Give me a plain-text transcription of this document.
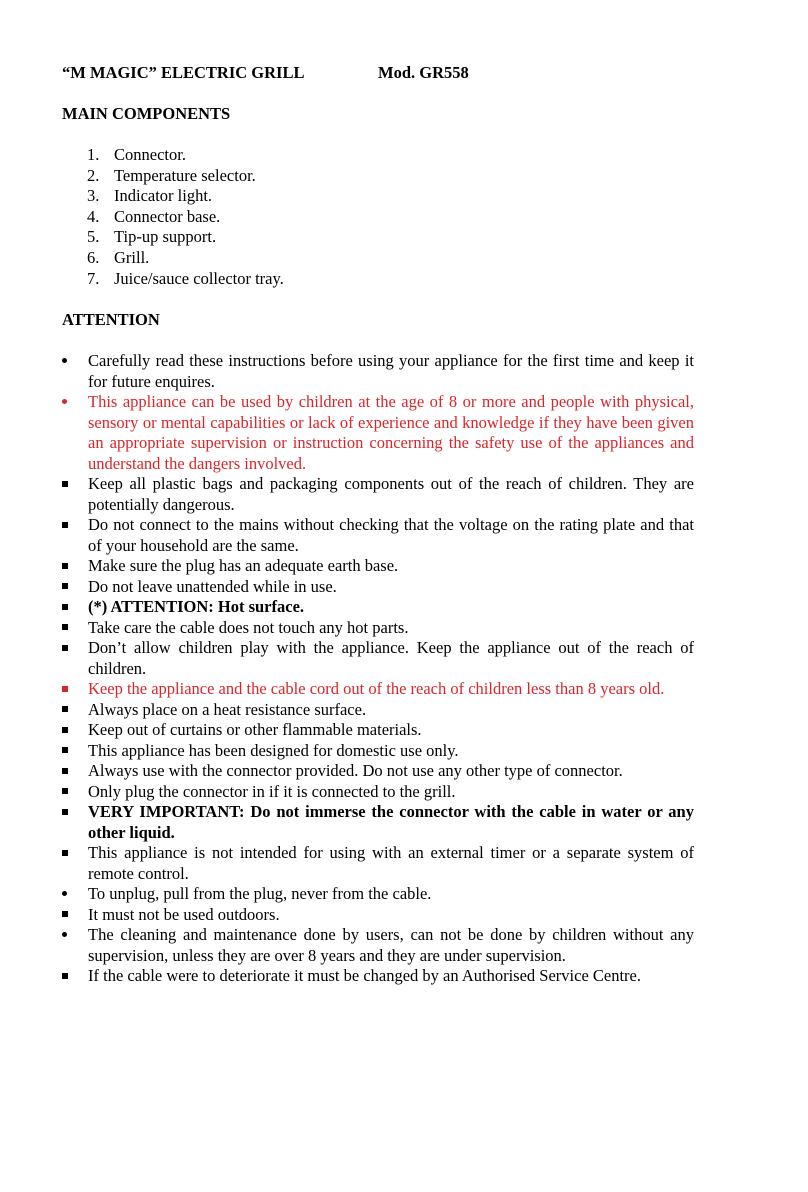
“M MAGIC” ELECTRIC GRILL	Mod. GR558
MAIN COMPONENTS
1. Connector.
2. Temperature selector.
3. Indicator light.
4. Connector base.
5. Tip-up support.
6. Grill.
7. Juice/sauce collector tray.
ATTENTION
Carefully read these instructions before using your appliance for the first time and keep it for future enquires.
This appliance can be used by children at the age of 8 or more and people with physical, sensory or mental capabilities or lack of experience and knowledge if they have been given an appropriate supervision or instruction concerning the safety use of the appliances and understand the dangers involved.
Keep all plastic bags and packaging components out of the reach of children. They are potentially dangerous.
Do not connect to the mains without checking that the voltage on the rating plate and that of your household are the same.
Make sure the plug has an adequate earth base.
Do not leave unattended while in use.
(*) ATTENTION: Hot surface.
Take care the cable does not touch any hot parts.
Don’t allow children play with the appliance. Keep the appliance out of the reach of children.
Keep the appliance and the cable cord out of the reach of children less than 8 years old.
Always place on a heat resistance surface.
Keep out of curtains or other flammable materials.
This appliance has been designed for domestic use only.
Always use with the connector provided. Do not use any other type of connector.
Only plug the connector in if it is connected to the grill.
VERY IMPORTANT: Do not immerse the connector with the cable in water or any other liquid.
This appliance is not intended for using with an external timer or a separate system of remote control.
To unplug, pull from the plug, never from the cable.
It must not be used outdoors.
The cleaning and maintenance done by users, can not be done by children without any supervision, unless they are over 8 years and they are under supervision.
If the cable were to deteriorate it must be changed by an Authorised Service Centre.
